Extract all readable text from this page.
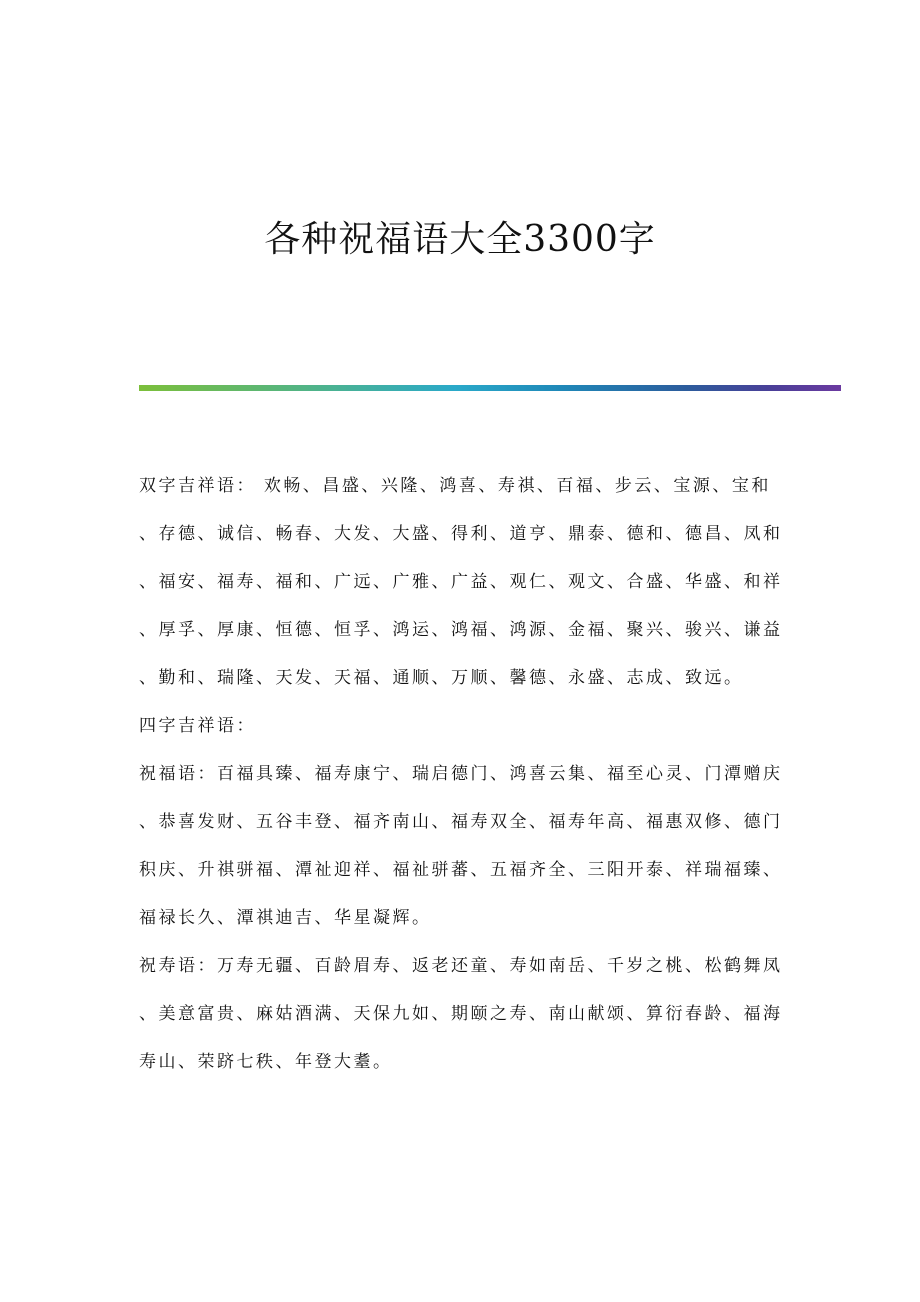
各种祝福语大全3300字

双字吉祥语： 欢畅、昌盛、兴隆、鸿喜、寿祺、百福、步云、宝源、宝和、存德、诚信、畅春、大发、大盛、得利、道亨、鼎泰、德和、德昌、凤和、福安、福寿、福和、广远、广雅、广益、观仁、观文、合盛、华盛、和祥、厚孚、厚康、恒德、恒孚、鸿运、鸿福、鸿源、金福、聚兴、骏兴、谦益、勤和、瑞隆、天发、天福、通顺、万顺、馨德、永盛、志成、致远。

四字吉祥语：

祝福语：百福具臻、福寿康宁、瑞启德门、鸿喜云集、福至心灵、门潭赠庆、恭喜发财、五谷丰登、福齐南山、福寿双全、福寿年高、福惠双修、德门积庆、升祺骈福、潭祉迎祥、福祉骈蕃、五福齐全、三阳开泰、祥瑞福臻、福禄长久、潭祺迪吉、华星凝辉。

祝寿语：万寿无疆、百龄眉寿、返老还童、寿如南岳、千岁之桃、松鹤舞凤、美意富贵、麻姑酒满、天保九如、期颐之寿、南山献颂、算衍春龄、福海寿山、荣跻七秩、年登大耋。
